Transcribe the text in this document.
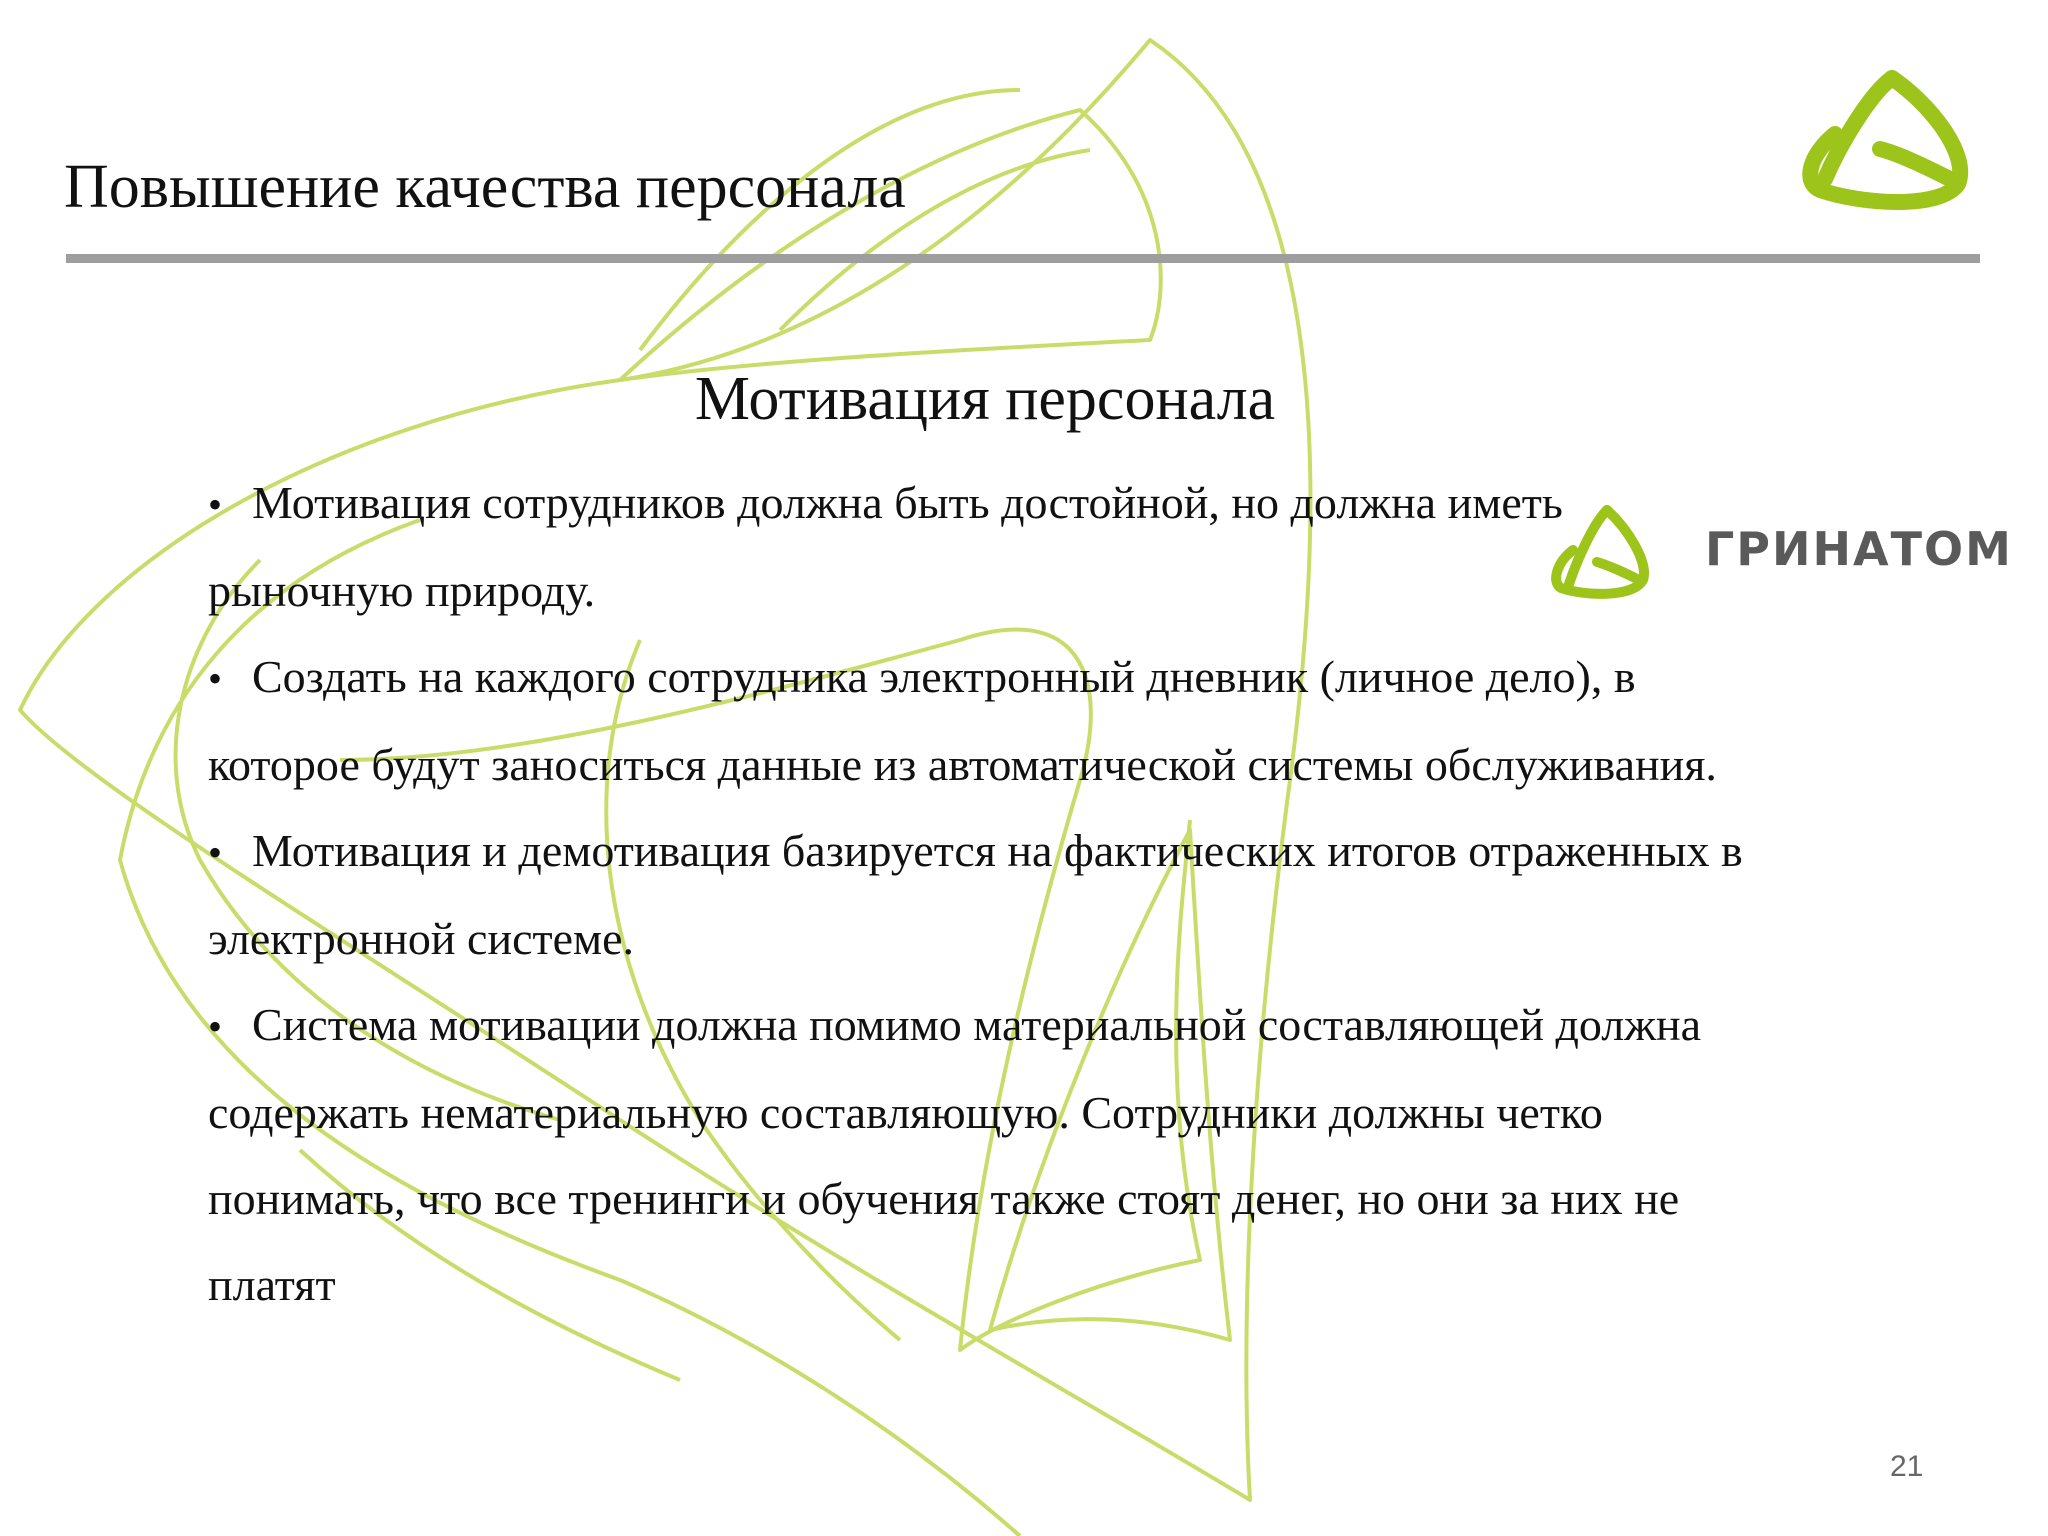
Повышение качества персонала
ГРИНАТОМ
Мотивация персонала

• Мотивация сотрудников должна быть достойной, но должна иметь рыночную природу.

• Создать на каждого сотрудника электронный дневник (личное дело), в которое будут заноситься данные из автоматической системы обслуживания.

• Мотивация и демотивация базируется на фактических итогов отраженных в электронной системе.

• Система мотивации должна помимо материальной составляющей должна содержать нематериальную составляющую. Сотрудники должны четко понимать, что все тренинги и обучения также стоят денег, но они за них не платят

21
